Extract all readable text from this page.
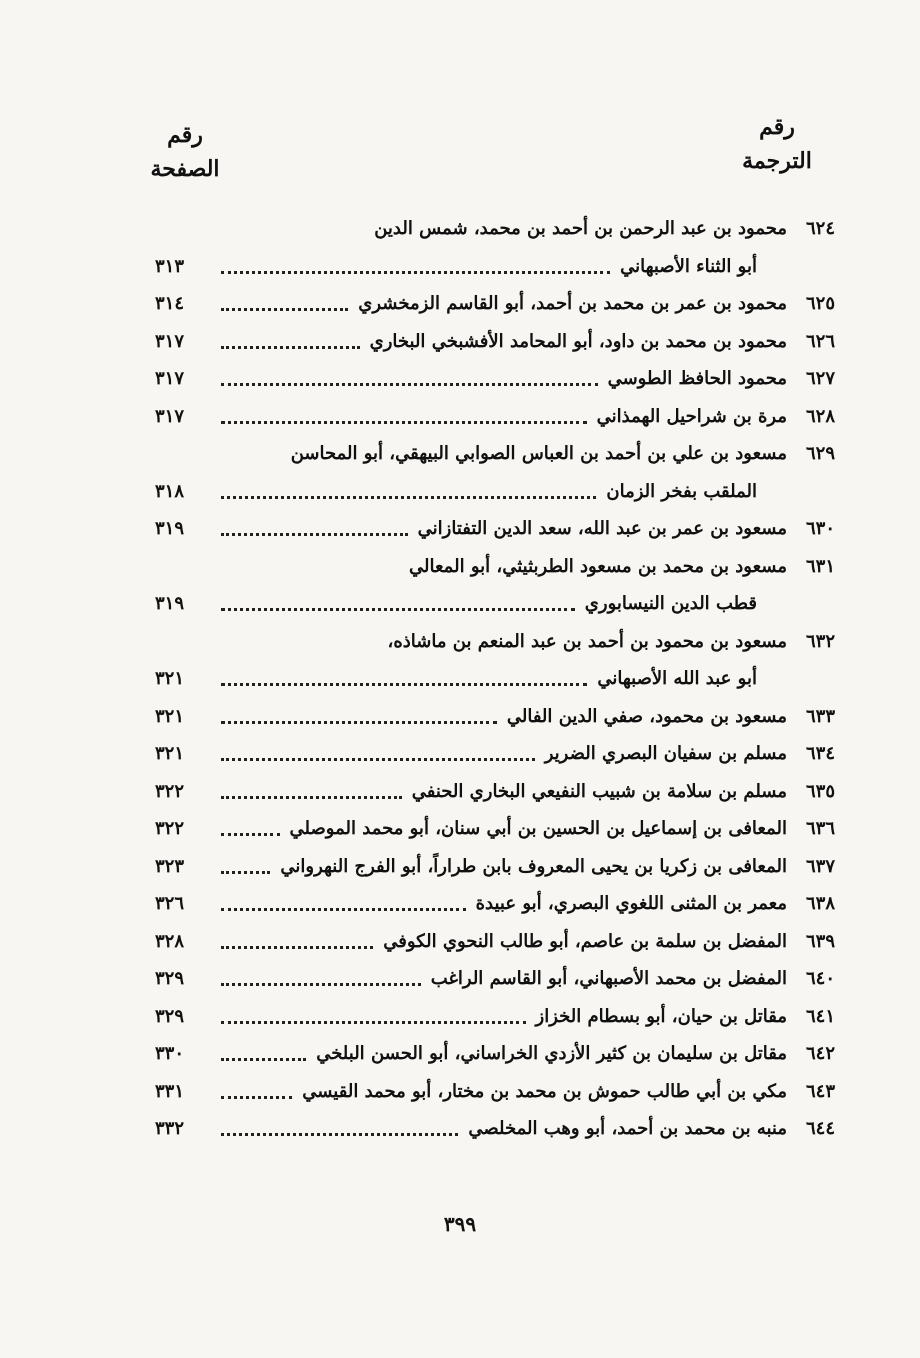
رقم
الترجمة
رقم
الصفحة
٦٢٤
محمود بن عبد الرحمن بن أحمد بن محمد، شمس الدين
أبو الثناء الأصبهاني
٣١٣
٦٢٥
محمود بن عمر بن محمد بن أحمد، أبو القاسم الزمخشري
٣١٤
٦٢٦
محمود بن محمد بن داود، أبو المحامد الأفشبخي البخاري
٣١٧
٦٢٧
محمود الحافظ الطوسي
٣١٧
٦٢٨
مرة بن شراحيل الهمذاني
٣١٧
٦٢٩
مسعود بن علي بن أحمد بن العباس الصوابي البيهقي، أبو المحاسن
الملقب بفخر الزمان
٣١٨
٦٣٠
مسعود بن عمر بن عبد الله، سعد الدين التفتازاني
٣١٩
٦٣١
مسعود بن محمد بن مسعود الطربثيثي، أبو المعالي
قطب الدين النيسابوري
٣١٩
٦٣٢
مسعود بن محمود بن أحمد بن عبد المنعم بن ماشاذه،
أبو عبد الله الأصبهاني
٣٢١
٦٣٣
مسعود بن محمود، صفي الدين الفالي
٣٢١
٦٣٤
مسلم بن سفيان البصري الضرير
٣٢١
٦٣٥
مسلم بن سلامة بن شبيب النفيعي البخاري الحنفي
٣٢٢
٦٣٦
المعافى بن إسماعيل بن الحسين بن أبي سنان، أبو محمد الموصلي
٣٢٢
٦٣٧
المعافى بن زكريا بن يحيى المعروف بابن طراراً، أبو الفرج النهرواني
٣٢٣
٦٣٨
معمر بن المثنى اللغوي البصري، أبو عبيدة
٣٢٦
٦٣٩
المفضل بن سلمة بن عاصم، أبو طالب النحوي الكوفي
٣٢٨
٦٤٠
المفضل بن محمد الأصبهاني، أبو القاسم الراغب
٣٢٩
٦٤١
مقاتل بن حيان، أبو بسطام الخزاز
٣٢٩
٦٤٢
مقاتل بن سليمان بن كثير الأزدي الخراساني، أبو الحسن البلخي
٣٣٠
٦٤٣
مكي بن أبي طالب حموش بن محمد بن مختار، أبو محمد القيسي
٣٣١
٦٤٤
منبه بن محمد بن أحمد، أبو وهب المخلصي
٣٣٢
٣٩٩
